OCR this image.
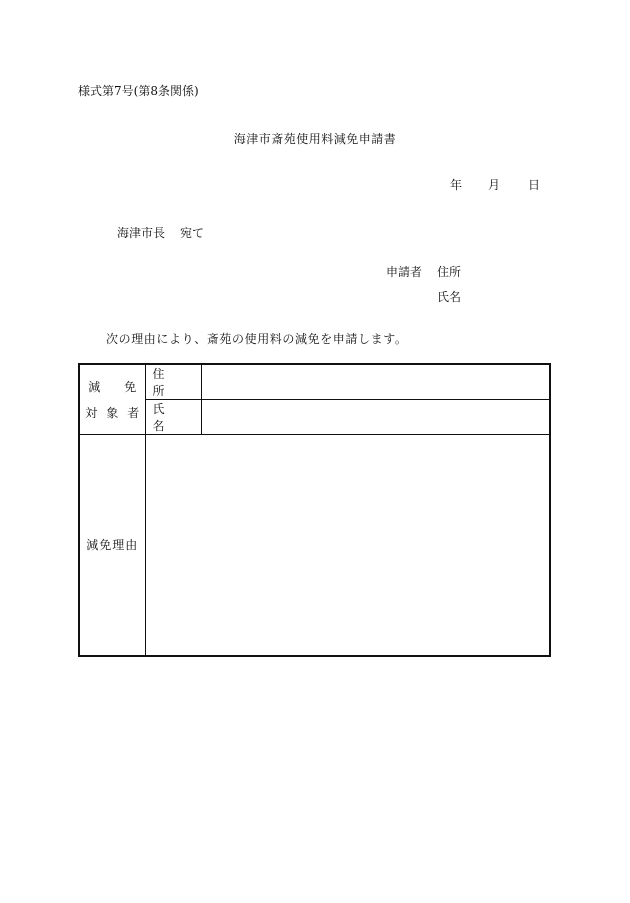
様式第7号(第8条関係)
海津市斎苑使用料減免申請書
年 月 日
海津市長 宛て
申請者 住所
氏名
次の理由により、斎苑の使用料の減免を申請します。
減免
対象者	住所	
	氏名	
減免理由		
